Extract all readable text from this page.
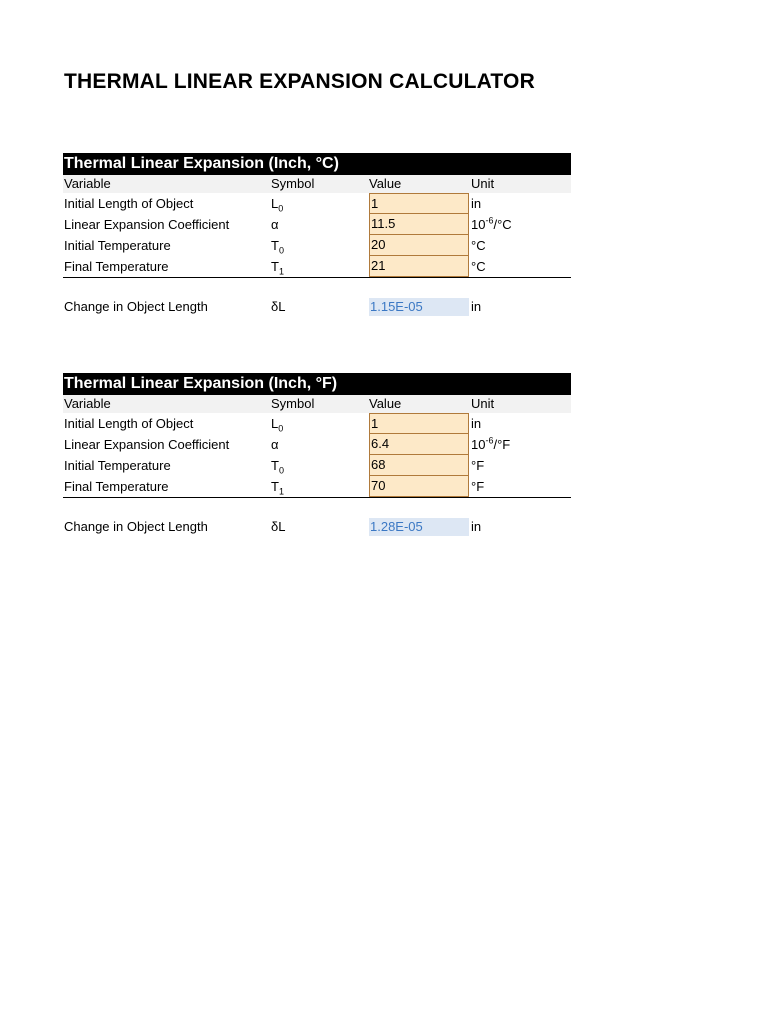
THERMAL LINEAR EXPANSION CALCULATOR
Thermal Linear Expansion (Inch, °C)
Variable	Symbol	Value	Unit
Initial Length of Object	$L_0$	1	in
Linear Expansion Coefficient	α	11.5	$10^{-6}/^\circ C$
Initial Temperature	$T_0$	20	°C
Final Temperature	$T_1$	21	°C
Change in Object Length	δL	1.15E-05	in
Thermal Linear Expansion (Inch, °F)
Variable	Symbol	Value	Unit
Initial Length of Object	$L_0$	1	in
Linear Expansion Coefficient	α	6.4	$10^{-6}/^\circ F$
Initial Temperature	$T_0$	68	°F
Final Temperature	$T_1$	70	°F
Change in Object Length	δL	1.28E-05	in
